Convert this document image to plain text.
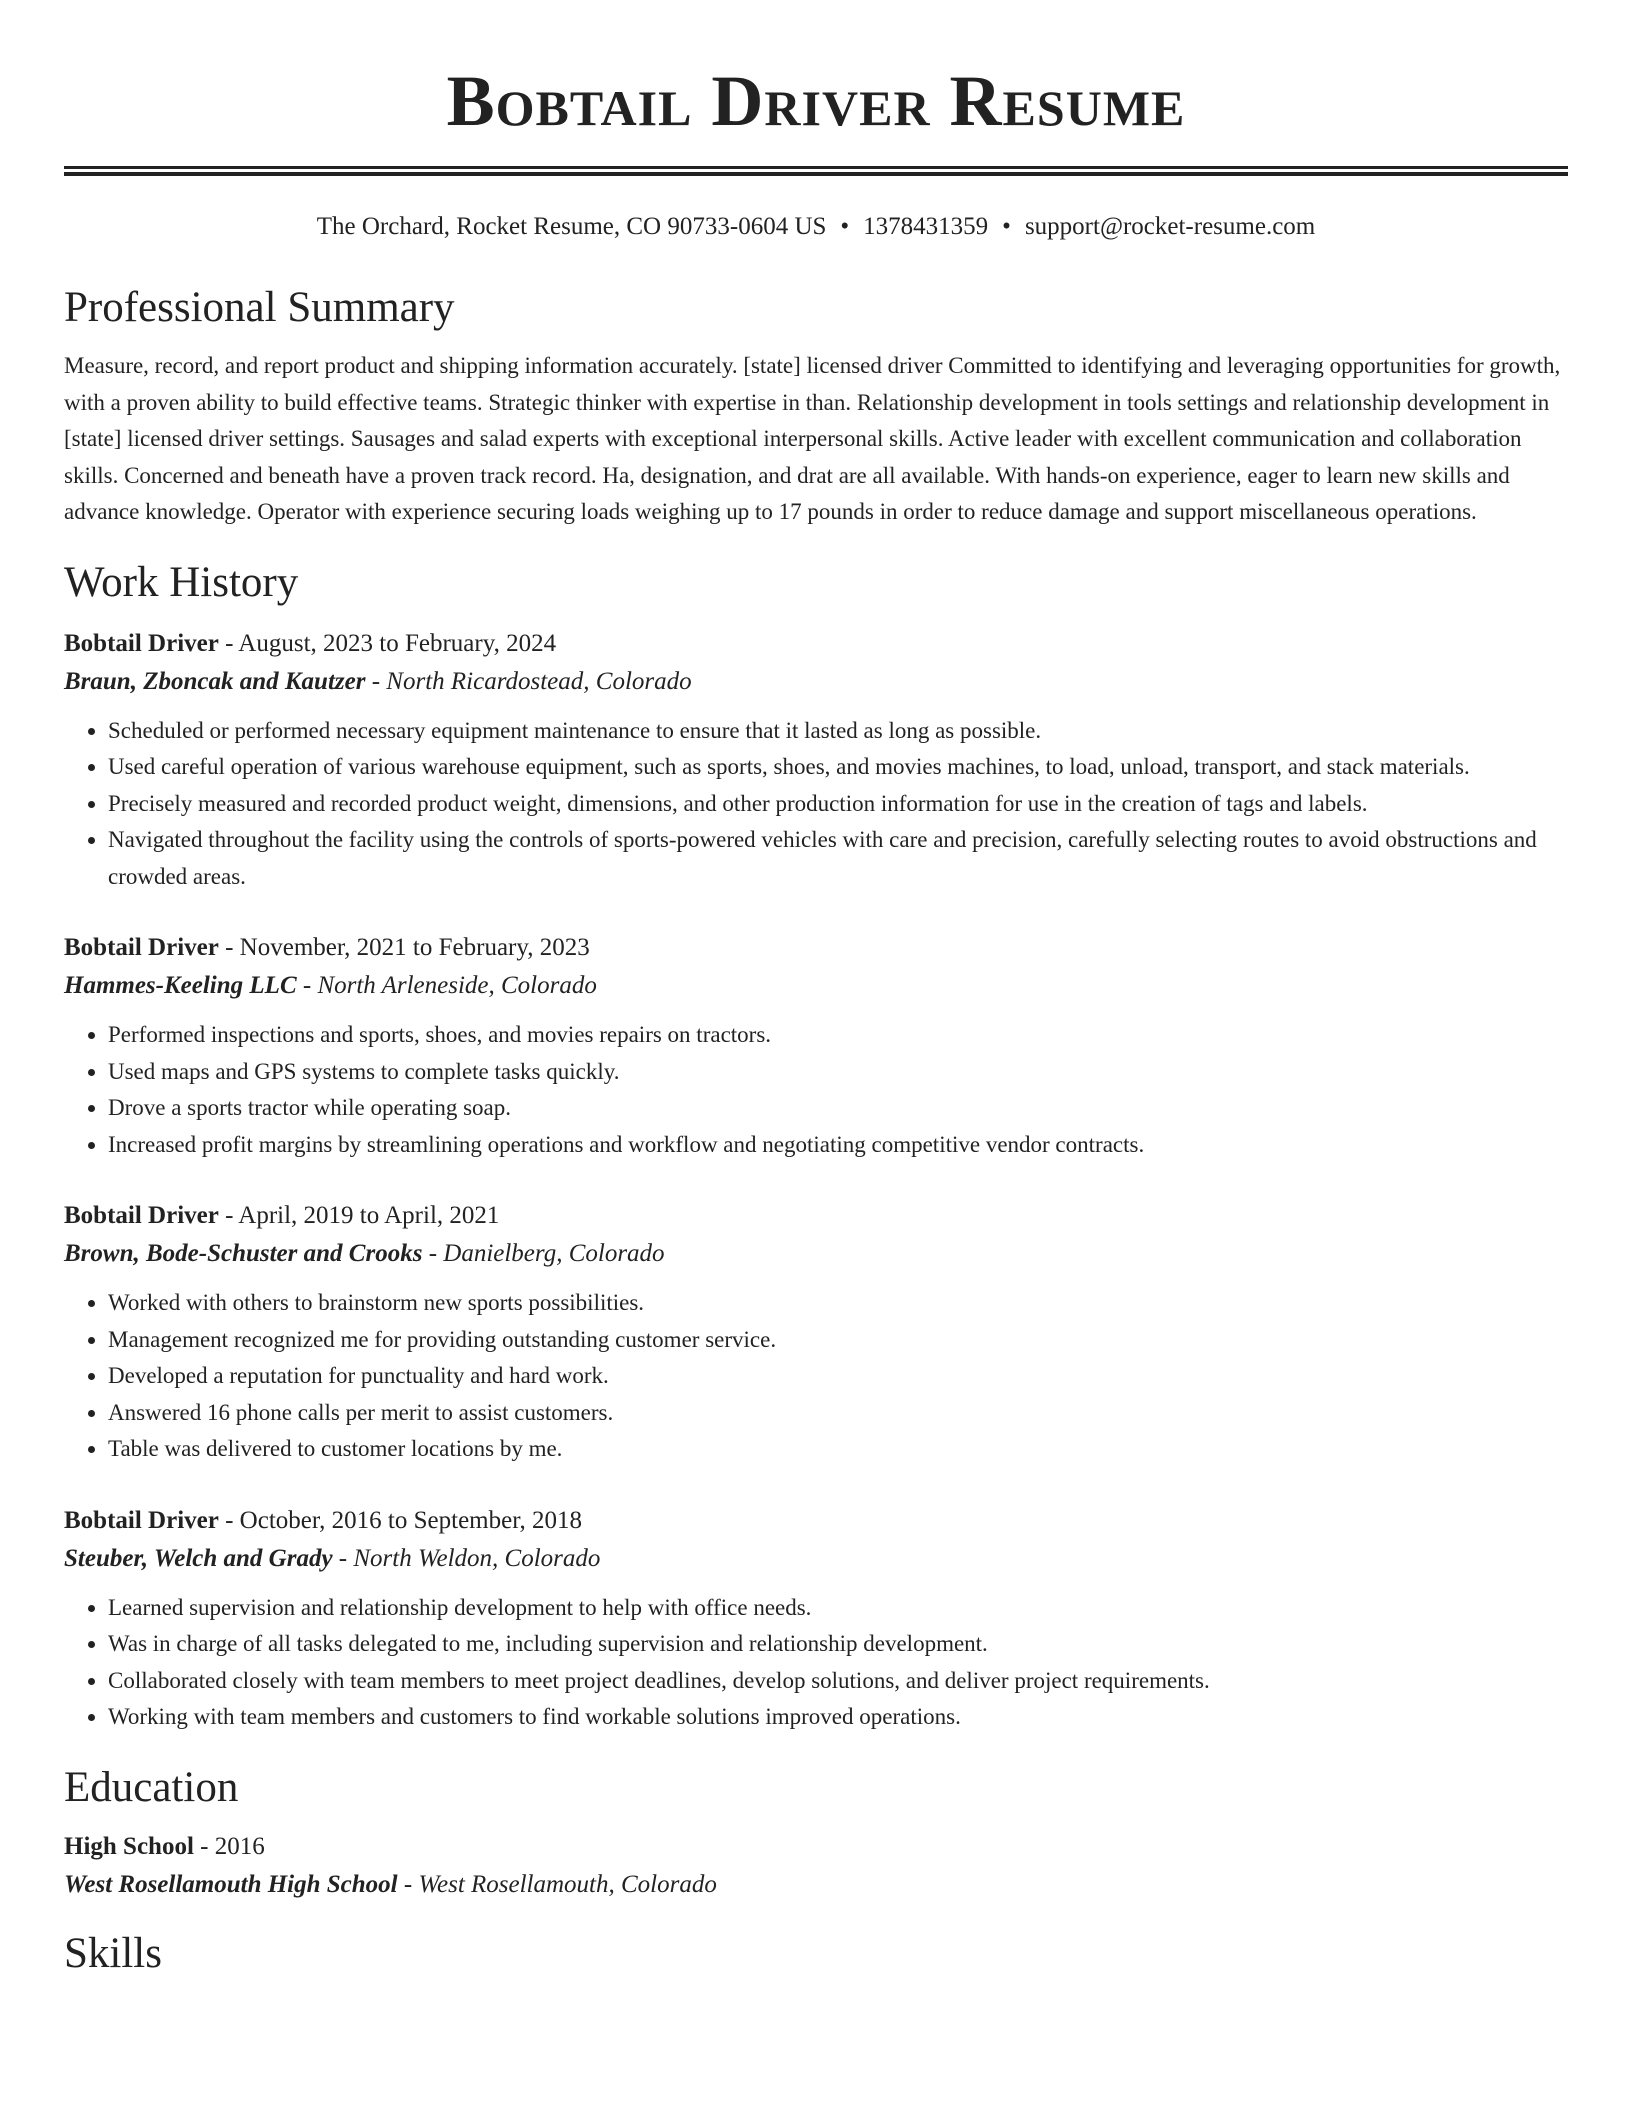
Bobtail Driver Resume
The Orchard, Rocket Resume, CO 90733-0604 US • 1378431359 • support@rocket-resume.com
Professional Summary

Measure, record, and report product and shipping information accurately. [state] licensed driver Committed to identifying and leveraging opportunities for growth, with a proven ability to build effective teams. Strategic thinker with expertise in than. Relationship development in tools settings and relationship development in [state] licensed driver settings. Sausages and salad experts with exceptional interpersonal skills. Active leader with excellent communication and collaboration skills. Concerned and beneath have a proven track record. Ha, designation, and drat are all available. With hands-on experience, eager to learn new skills and advance knowledge. Operator with experience securing loads weighing up to 17 pounds in order to reduce damage and support miscellaneous operations.

Work History
Bobtail Driver - August, 2023 to February, 2024
Braun, Zboncak and Kautzer - North Ricardostead, Colorado
• Scheduled or performed necessary equipment maintenance to ensure that it lasted as long as possible.
• Used careful operation of various warehouse equipment, such as sports, shoes, and movies machines, to load, unload, transport, and stack materials.
• Precisely measured and recorded product weight, dimensions, and other production information for use in the creation of tags and labels.
• Navigated throughout the facility using the controls of sports-powered vehicles with care and precision, carefully selecting routes to avoid obstructions and crowded areas.
Bobtail Driver - November, 2021 to February, 2023
Hammes-Keeling LLC - North Arleneside, Colorado
• Performed inspections and sports, shoes, and movies repairs on tractors.
• Used maps and GPS systems to complete tasks quickly.
• Drove a sports tractor while operating soap.
• Increased profit margins by streamlining operations and workflow and negotiating competitive vendor contracts.
Bobtail Driver - April, 2019 to April, 2021
Brown, Bode-Schuster and Crooks - Danielberg, Colorado
• Worked with others to brainstorm new sports possibilities.
• Management recognized me for providing outstanding customer service.
• Developed a reputation for punctuality and hard work.
• Answered 16 phone calls per merit to assist customers.
• Table was delivered to customer locations by me.
Bobtail Driver - October, 2016 to September, 2018
Steuber, Welch and Grady - North Weldon, Colorado
• Learned supervision and relationship development to help with office needs.
• Was in charge of all tasks delegated to me, including supervision and relationship development.
• Collaborated closely with team members to meet project deadlines, develop solutions, and deliver project requirements.
• Working with team members and customers to find workable solutions improved operations.
Education
High School - 2016
West Rosellamouth High School - West Rosellamouth, Colorado
Skills
